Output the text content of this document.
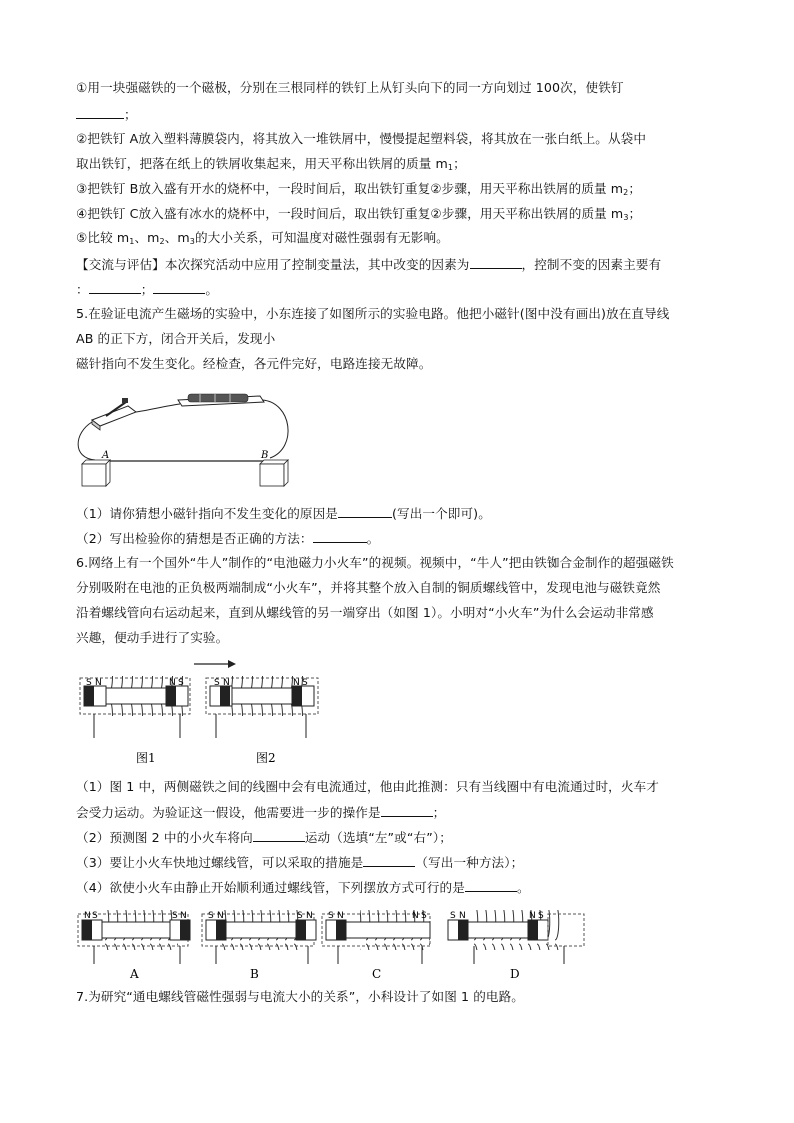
①用一块强磁铁的一个磁极，分别在三根同样的铁钉上从钉头向下的同一方向划过 100次，使铁钉
；
②把铁钉 A放入塑料薄膜袋内，将其放入一堆铁屑中，慢慢提起塑料袋，将其放在一张白纸上。从袋中
取出铁钉，把落在纸上的铁屑收集起来，用天平称出铁屑的质量 $m_1$；
③把铁钉 B放入盛有开水的烧杯中，一段时间后，取出铁钉重复②步骤，用天平称出铁屑的质量 $m_2$；
④把铁钉 C放入盛有冰水的烧杯中，一段时间后，取出铁钉重复②步骤，用天平称出铁屑的质量 $m_3$；
⑤比较 $m_1$、$m_2$、$m_3$的大小关系，可知温度对磁性强弱有无影响。
【交流与评估】本次探究活动中应用了控制变量法，其中改变的因素为	，控制不变的因素主要有
：	；	。
5.在验证电流产生磁场的实验中，小东连接了如图所示的实验电路。他把小磁针(图中没有画出)放在直导线
AB 的正下方，闭合开关后，发现小
磁针指向不发生变化。经检查，各元件完好，电路连接无故障。
A	B
（1）请你猜想小磁针指向不发生变化的原因是	(写出一个即可)。
（2）写出检验你的猜想是否正确的方法：	。
6.网络上有一个国外“牛人”制作的“电池磁力小火车”的视频。视频中，“牛人”把由铁铷合金制作的超强磁铁
分别吸附在电池的正负极两端制成“小火车”，并将其整个放入自制的铜质螺线管中，发现电池与磁铁竟然
沿着螺线管向右运动起来，直到从螺线管的另一端穿出（如图 1）。小明对“小火车”为什么会运动非常感
兴趣，便动手进行了实验。
S N	N S	S N	N S
图1	图2
（1）图 1 中，两侧磁铁之间的线圈中会有电流通过，他由此推测：只有当线圈中有电流通过时，火车才
会受力运动。为验证这一假设，他需要进一步的操作是	；
（2）预测图 2 中的小火车将向	运动（选填“左”或“右”）；
（3）要让小火车快地过螺线管，可以采取的措施是	（写出一种方法）；
（4）欲使小火车由静止开始顺利通过螺线管，下列摆放方式可行的是	。
N S	S N
A
S N	S N
B
S N	N S
C
S N	N S
D
7.为研究“通电螺线管磁性强弱与电流大小的关系”，小科设计了如图 1 的电路。
